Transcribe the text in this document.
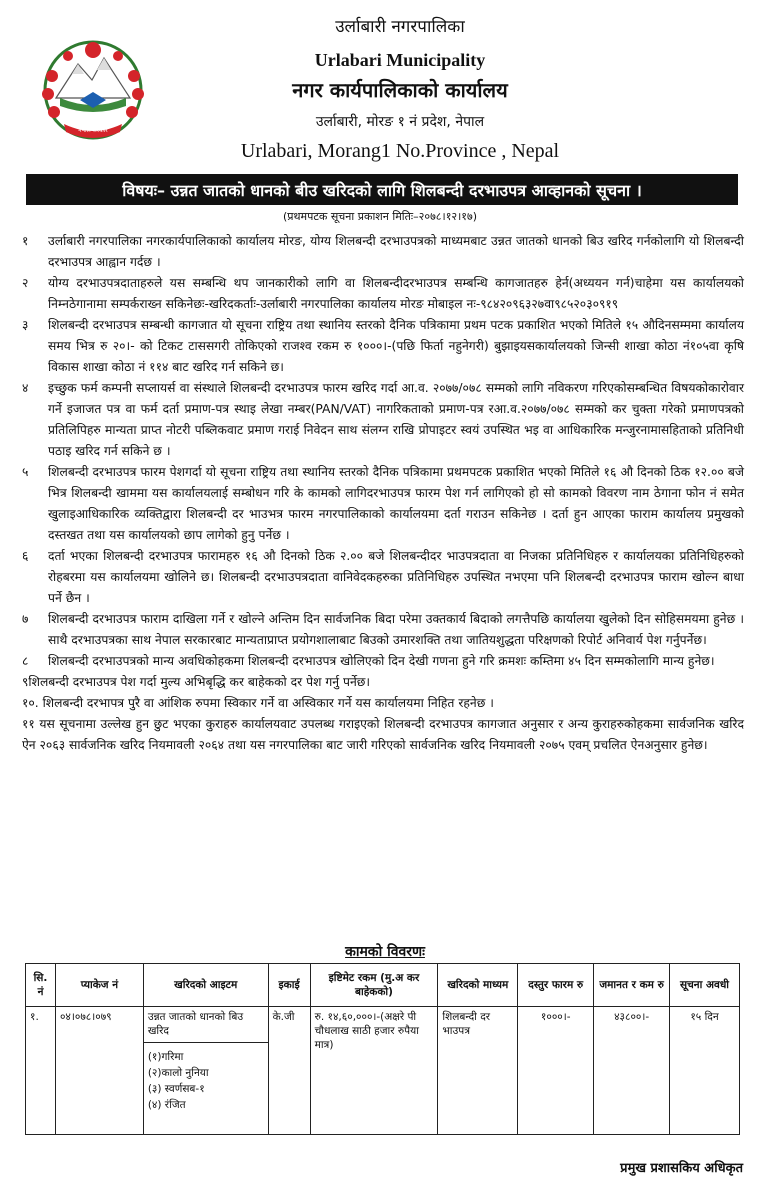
नेपाल सरकार
उर्लाबारी नगरपालिका
Urlabari Municipality
नगर कार्यपालिकाको कार्यालय
उर्लाबारी, मोरङ १ नं प्रदेश, नेपाल
Urlabari, Morang1 No.Province , Nepal
विषयः– उन्नत जातको धानको बीउ खरिदको लागि शिलबन्दी दरभाउपत्र आव्हानको सूचना ।
(प्रथमपटक सूचना प्रकाशन मितिः–२०७८।१२।१७)
१	उर्लाबारी नगरपालिका नगरकार्यपालिकाको कार्यालय मोरङ, योग्य शिलबन्दी दरभाउपत्रको माध्यमबाट उन्नत जातको धानको बिउ खरिद गर्नकोलागि यो शिलबन्दी दरभाउपत्र आह्वान गर्दछ ।
२	योग्य दरभाउपत्रदाताहरुले यस सम्बन्धि थप जानकारीको लागि वा शिलबन्दीदरभाउपत्र सम्बन्धि कागजातहरु हेर्न(अध्ययन गर्न)चाहेमा यस कार्यालयको निम्नठेगानामा सम्पर्कराख्न सकिनेछः-खरिदकर्ताः-उर्लाबारी नगरपालिका कार्यालय मोरङ मोबाइल नः-९८४२०९६३२७वा९८५२०३०९१९
३	शिलबन्दी दरभाउपत्र सम्बन्धी कागजात यो सूचना राष्ट्रिय तथा स्थानिय स्तरको दैनिक पत्रिकामा प्रथम पटक प्रकाशित भएको मितिले १५ औदिनसम्ममा कार्यालय समय भित्र रु २०।- को टिकट टाससगरी तोकिएको राजश्व रकम रु १०००।-(पछि फिर्ता नहुनेगरी) बुझाइयसकार्यालयको जिन्सी शाखा कोठा नं१०५वा कृषि विकास शाखा कोठा नं ११४ बाट खरिद गर्न सकिने छ।
४	इच्छुक फर्म कम्पनी सप्लायर्स वा संस्थाले शिलबन्दी दरभाउपत्र फारम खरिद गर्दा आ.व. २०७७/०७८ सम्मको लागि नविकरण गरिएकोसम्बन्धित विषयकोकारोवार गर्ने इजाजत पत्र वा फर्म दर्ता प्रमाण-पत्र स्थाइ लेखा नम्बर(PAN/VAT) नागरिकताको प्रमाण-पत्र रआ.व.२०७७/०७८ सम्मको कर चुक्ता गरेको प्रमाणपत्रको प्रतिलिपिहरु मान्यता प्राप्त नोटरी पब्लिकवाट प्रमाण गराई निवेदन साथ संलग्न राखि प्रोपाइटर स्वयं उपस्थित भइ वा आधिकारिक मन्जुरनामासहिताको प्रतिनिधी पठाइ खरिद गर्न सकिने छ ।
५	शिलबन्दी दरभाउपत्र फारम पेशगर्दा यो सूचना राष्ट्रिय तथा स्थानिय स्तरको दैनिक पत्रिकामा प्रथमपटक प्रकाशित भएको मितिले १६ औ दिनको ठिक १२.०० बजे भित्र शिलबन्दी खाममा यस कार्यालयलाई सम्बोधन गरि के कामको लागिदरभाउपत्र फारम पेश गर्न लागिएको हो सो कामको विवरण नाम ठेगाना फोन नं समेत खुलाइआधिकारिक व्यक्तिद्वारा शिलबन्दी दर भाउभत्र फारम नगरपालिकाको कार्यालयमा दर्ता गराउन सकिनेछ । दर्ता हुन आएका फाराम कार्यालय प्रमुखको दस्तखत तथा यस कार्यालयको छाप लागेको हुनु पर्नेछ ।
६	दर्ता भएका शिलबन्दी दरभाउपत्र फारामहरु १६ औ दिनको ठिक २.०० बजे शिलबन्दीदर भाउपत्रदाता वा निजका प्रतिनिधिहरु र कार्यालयका प्रतिनिधिहरुको रोहबरमा यस कार्यालयमा खोलिने छ। शिलबन्दी दरभाउपत्रदाता वानिवेदकहरुका प्रतिनिधिहरु उपस्थित नभएमा पनि शिलबन्दी दरभाउपत्र फाराम खोल्न बाधा पर्ने छैन ।
७	शिलबन्दी दरभाउपत्र फाराम दाखिला गर्ने र खोल्ने अन्तिम दिन सार्वजनिक बिदा परेमा उक्तकार्य बिदाको लगत्तैपछि कार्यालया खुलेको दिन सोहिसमयमा हुनेछ । साथै दरभाउपत्रका साथ नेपाल सरकारबाट मान्यताप्राप्त प्रयोगशालाबाट बिउको उमारशक्ति तथा जातियशुद्धता परिक्षणको रिपोर्ट अनिवार्य पेश गर्नुपर्नेछ।
८	शिलबन्दी दरभाउपत्रको मान्य अवधिकोहकमा शिलबन्दी दरभाउपत्र खोलिएको दिन देखी गणना हुने गरि क्रमशः कम्तिमा ४५ दिन सम्मकोलागि मान्य हुनेछ।
९शिलबन्दी दरभाउपत्र पेश गर्दा मुल्य अभिबृद्धि कर बाहेकको दर पेश गर्नु पर्नेछ।
१०. शिलबन्दी दरभापत्र पुरै वा आंशिक रुपमा स्विकार गर्ने वा अस्विकार गर्ने यस कार्यालयमा निहित रहनेछ ।
११ यस सूचनामा उल्लेख हुन छुट भएका कुराहरु कार्यालयवाट उपलब्ध गराइएको शिलबन्दी दरभाउपत्र कागजात अनुसार र अन्य कुराहरुकोहकमा सार्वजनिक खरिद ऐन २०६३ सार्वजनिक खरिद नियमावली २०६४ तथा यस नगरपालिका बाट जारी गरिएको सार्वजनिक खरिद नियमावली २०७५ एवम् प्रचलित ऐनअनुसार हुनेछ।
कामको विवरणः
सि. नं	प्याकेज नं	खरिदको आइटम	इकाई	इष्टिमेट रकम (मु.अ कर बाहेकको)	खरिदको माध्यम	दस्तुर फारम रु	जमानत र कम रु	सूचना अवधी
१.	०४।०७८।०७९	उन्नत जातको धानको बिउ खरिद
(१)गरिमा
(२)कालो नुनिया
(३) स्वर्णसब-१
(४) रंजित	के.जी	रु. १४,६०,०००।-(अक्षरे पी चौधलाख साठी हजार रुपैया मात्र)	शिलबन्दी दर भाउपत्र	१०००।-	४३८००।-	१५ दिन
प्रमुख प्रशासकिय अधिकृत
